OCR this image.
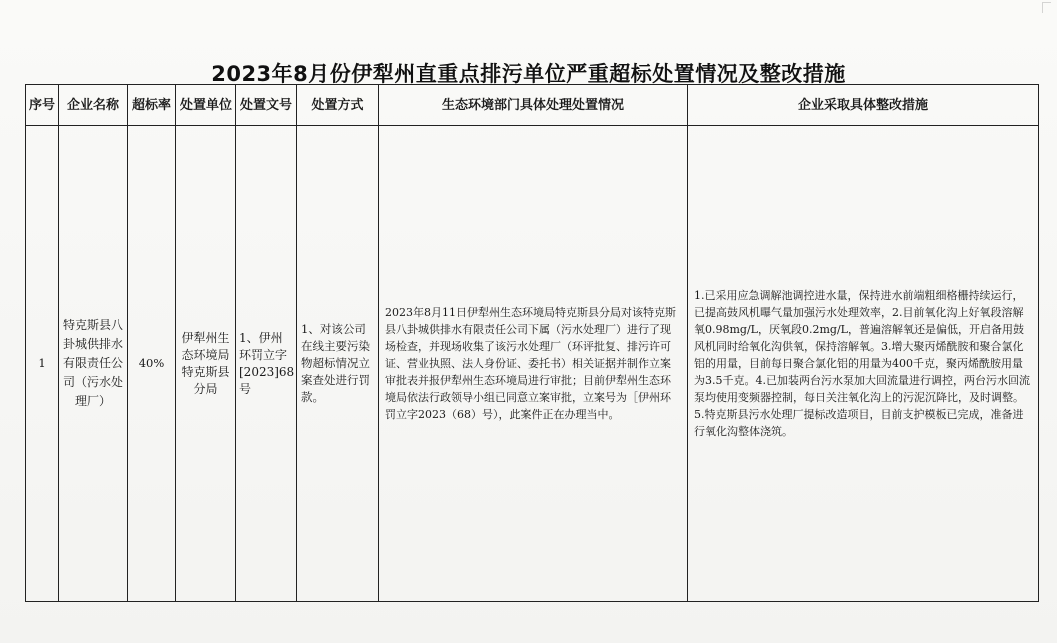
2023年8月份伊犁州直重点排污单位严重超标处置情况及整改措施
序号	企业名称	超标率	处置单位	处置文号	处置方式	生态环境部门具体处理处置情况	企业采取具体整改措施
1	特克斯县八卦城供排水有限责任公司（污水处理厂）	40%	伊犁州生态环境局特克斯县分局	1、伊州环罚立字[2023]68号	1、对该公司在线主要污染物超标情况立案查处进行罚款。	2023年8月11日伊犁州生态环境局特克斯县分局对该特克斯县八卦城供排水有限责任公司下属（污水处理厂）进行了现场检查，并现场收集了该污水处理厂（环评批复、排污许可证、营业执照、法人身份证、委托书）相关证据并制作立案审批表并报伊犁州生态环境局进行审批；目前伊犁州生态环境局依法行政领导小组已同意立案审批，立案号为［伊州环罚立字2023（68）号），此案件正在办理当中。	1.已采用应急调解池调控进水量，保持进水前端粗细格栅持续运行，已提高鼓风机曝气量加强污水处理效率，2.目前氧化沟上好氧段溶解氧0.98mg/L，厌氧段0.2mg/L，普遍溶解氧还是偏低，开启备用鼓风机同时给氧化沟供氧，保持溶解氧。3.增大聚丙烯酰胺和聚合氯化铝的用量，目前每日聚合氯化铝的用量为400千克，聚丙烯酰胺用量为3.5千克。4.已加装两台污水泵加大回流量进行调控，两台污水回流泵均使用变频器控制，每日关注氧化沟上的污泥沉降比，及时调整。5.特克斯县污水处理厂提标改造项目，目前支护模板已完成，准备进行氧化沟整体浇筑。
